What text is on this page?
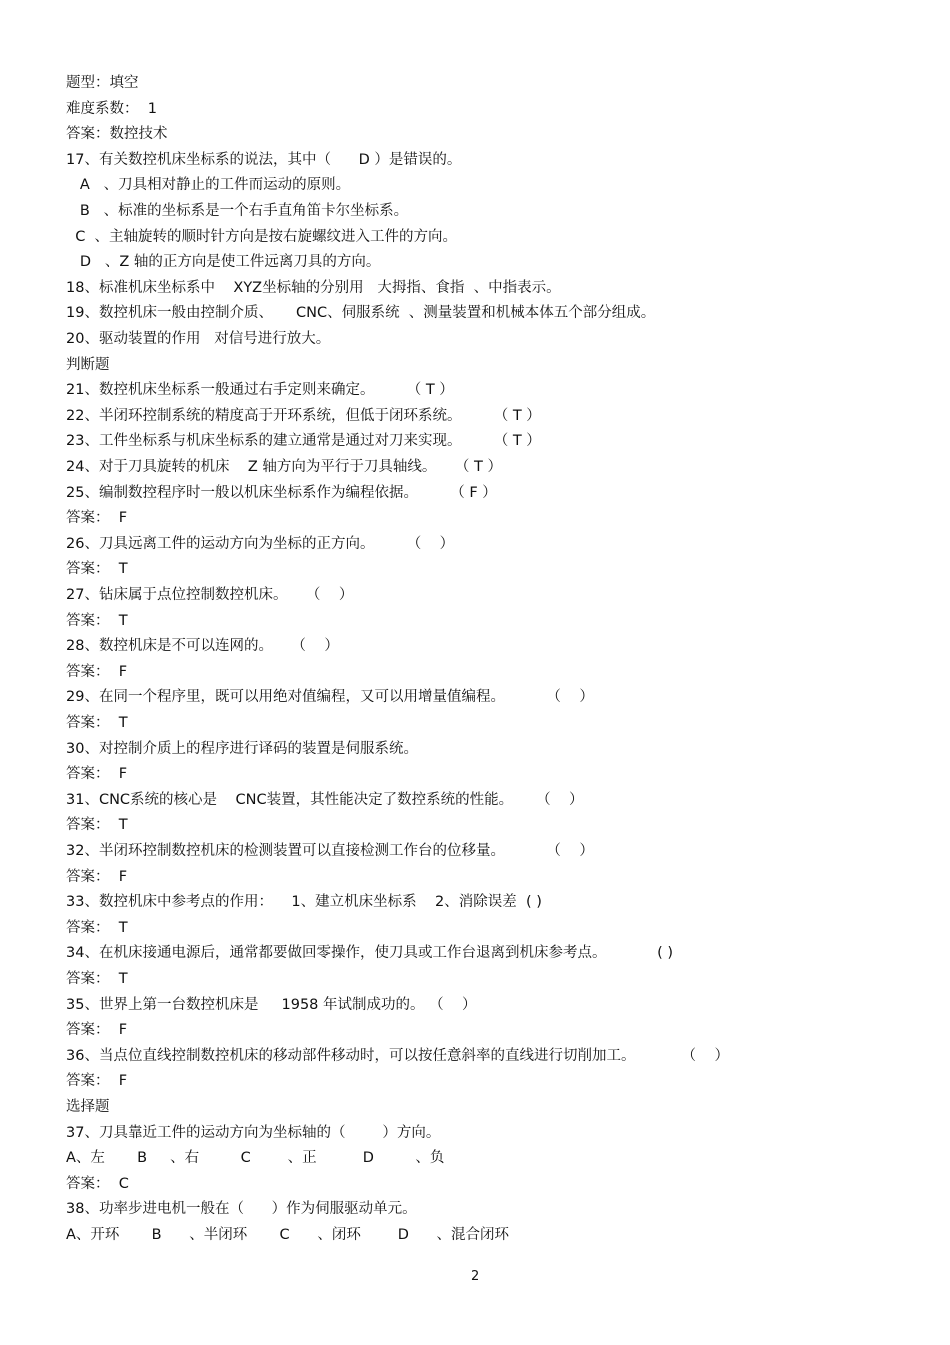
题型：填空
难度系数：  1
答案：数控技术
17、有关数控机床坐标系的说法，其中（      D ）是错误的。
A   、刀具相对静止的工件而运动的原则。
B   、标准的坐标系是一个右手直角笛卡尔坐标系。
C  、主轴旋转的顺时针方向是按右旋螺纹进入工件的方向。
D   、Z 轴的正方向是使工件远离刀具的方向。
18、标准机床坐标系中    XYZ坐标轴的分别用   大拇指、食指  、中指表示。
19、数控机床一般由控制介质、     CNC、伺服系统  、测量装置和机械本体五个部分组成。
20、驱动装置的作用   对信号进行放大。
判断题
21、数控机床坐标系一般通过右手定则来确定。       （ T ）
22、半闭环控制系统的精度高于开环系统，但低于闭环系统。       （ T ）
23、工件坐标系与机床坐标系的建立通常是通过对刀来实现。       （ T ）
24、对于刀具旋转的机床    Z 轴方向为平行于刀具轴线。    （ T ）
25、编制数控程序时一般以机床坐标系作为编程依据。       （ F ）
答案：  F
26、刀具远离工件的运动方向为坐标的正方向。       （    ）
答案：  T
27、钻床属于点位控制数控机床。    （    ）
答案：  T
28、数控机床是不可以连网的。    （    ）
答案：  F
29、在同一个程序里，既可以用绝对值编程，又可以用增量值编程。         （    ）
答案：  T
30、对控制介质上的程序进行译码的装置是伺服系统。
答案：  F
31、CNC系统的核心是    CNC装置，其性能决定了数控系统的性能。     （    ）
答案：  T
32、半闭环控制数控机床的检测装置可以直接检测工作台的位移量。         （    ）
答案：  F
33、数控机床中参考点的作用：    1、建立机床坐标系    2、消除误差  ( )
答案：  T
34、在机床接通电源后，通常都要做回零操作，使刀具或工作台退离到机床参考点。           ( )
答案：  T
35、世界上第一台数控机床是     1958 年试制成功的。 （    ）
答案：  F
36、当点位直线控制数控机床的移动部件移动时，可以按任意斜率的直线进行切削加工。          （    ）
答案：  F
选择题
37、刀具靠近工件的运动方向为坐标轴的（        ）方向。
A、左       B     、右         C        、正          D         、负
答案：  C
38、功率步进电机一般在（      ）作为伺服驱动单元。
A、开环       B      、半闭环       C      、闭环        D      、混合闭环
2
